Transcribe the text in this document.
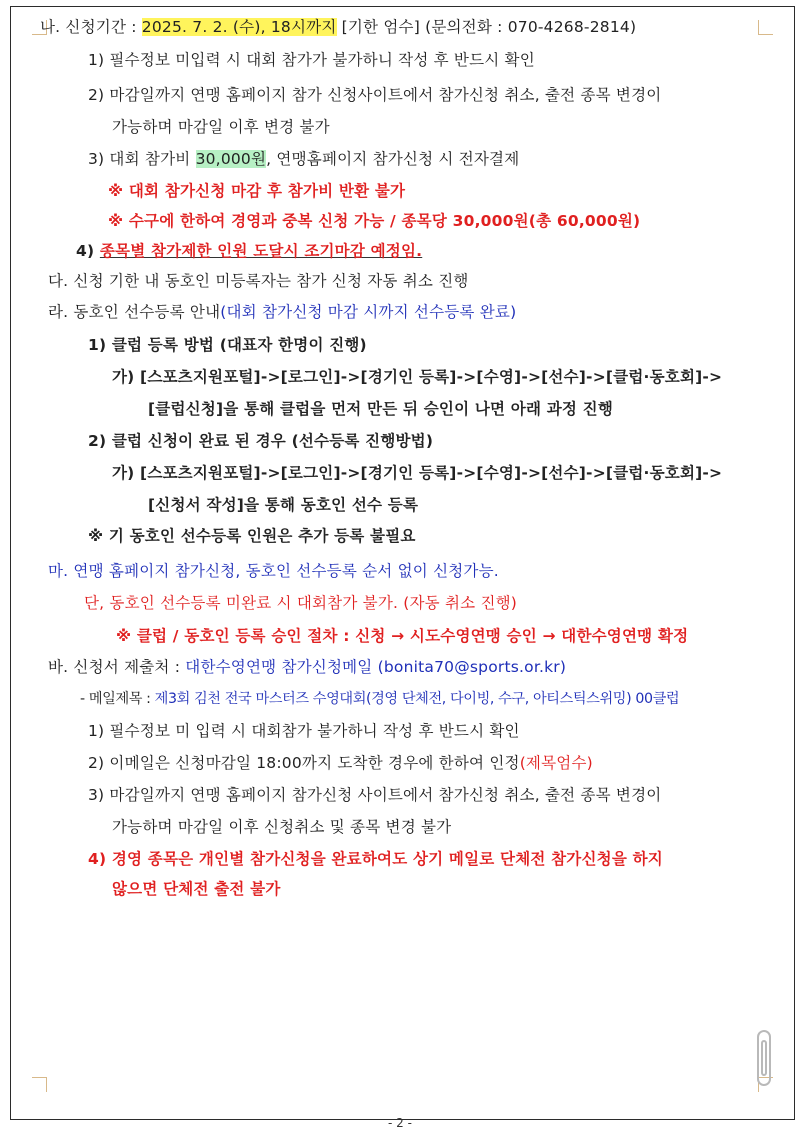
나. 신청기간 : 2025. 7. 2. (수), 18시까지 [기한 엄수] (문의전화 : 070-4268-2814)
1) 필수정보 미입력 시 대회 참가가 불가하니 작성 후 반드시 확인
2) 마감일까지 연맹 홈페이지 참가 신청사이트에서 참가신청 취소, 출전 종목 변경이
가능하며 마감일 이후 변경 불가
3) 대회 참가비 30,000원, 연맹홈페이지 참가신청 시 전자결제
※ 대회 참가신청 마감 후 참가비 반환 불가
※ 수구에 한하여 경영과 중복 신청 가능 / 종목당 30,000원(총 60,000원)
4) 종목별 참가제한 인원 도달시 조기마감 예정임.
다. 신청 기한 내 동호인 미등록자는 참가 신청 자동 취소 진행
라. 동호인 선수등록 안내(대회 참가신청 마감 시까지 선수등록 완료)
1) 클럽 등록 방법 (대표자 한명이 진행)
가) [스포츠지원포털]->[로그인]->[경기인 등록]->[수영]->[선수]->[클럽·동호회]->
[클럽신청]을 통해 클럽을 먼저 만든 뒤 승인이 나면 아래 과정 진행
2) 클럽 신청이 완료 된 경우 (선수등록 진행방법)
가) [스포츠지원포털]->[로그인]->[경기인 등록]->[수영]->[선수]->[클럽·동호회]->
[신청서 작성]을 통해 동호인 선수 등록
※ 기 동호인 선수등록 인원은 추가 등록 불필요
마. 연맹 홈페이지 참가신청, 동호인 선수등록 순서 없이 신청가능.
단, 동호인 선수등록 미완료 시 대회참가 불가. (자동 취소 진행)
※ 클럽 / 동호인 등록 승인 절차 : 신청 → 시도수영연맹 승인 → 대한수영연맹 확정
바. 신청서 제출처 : 대한수영연맹 참가신청메일 (bonita70@sports.or.kr)
- 메일제목 : 제3회 김천 전국 마스터즈 수영대회(경영 단체전, 다이빙, 수구, 아티스틱스위밍) 00클럽
1) 필수정보 미 입력 시 대회참가 불가하니 작성 후 반드시 확인
2) 이메일은 신청마감일 18:00까지 도착한 경우에 한하여 인정(제목엄수)
3) 마감일까지 연맹 홈페이지 참가신청 사이트에서 참가신청 취소, 출전 종목 변경이
가능하며 마감일 이후 신청취소 및 종목 변경 불가
4) 경영 종목은 개인별 참가신청을 완료하여도 상기 메일로 단체전 참가신청을 하지
않으면 단체전 출전 불가
- 2 -
